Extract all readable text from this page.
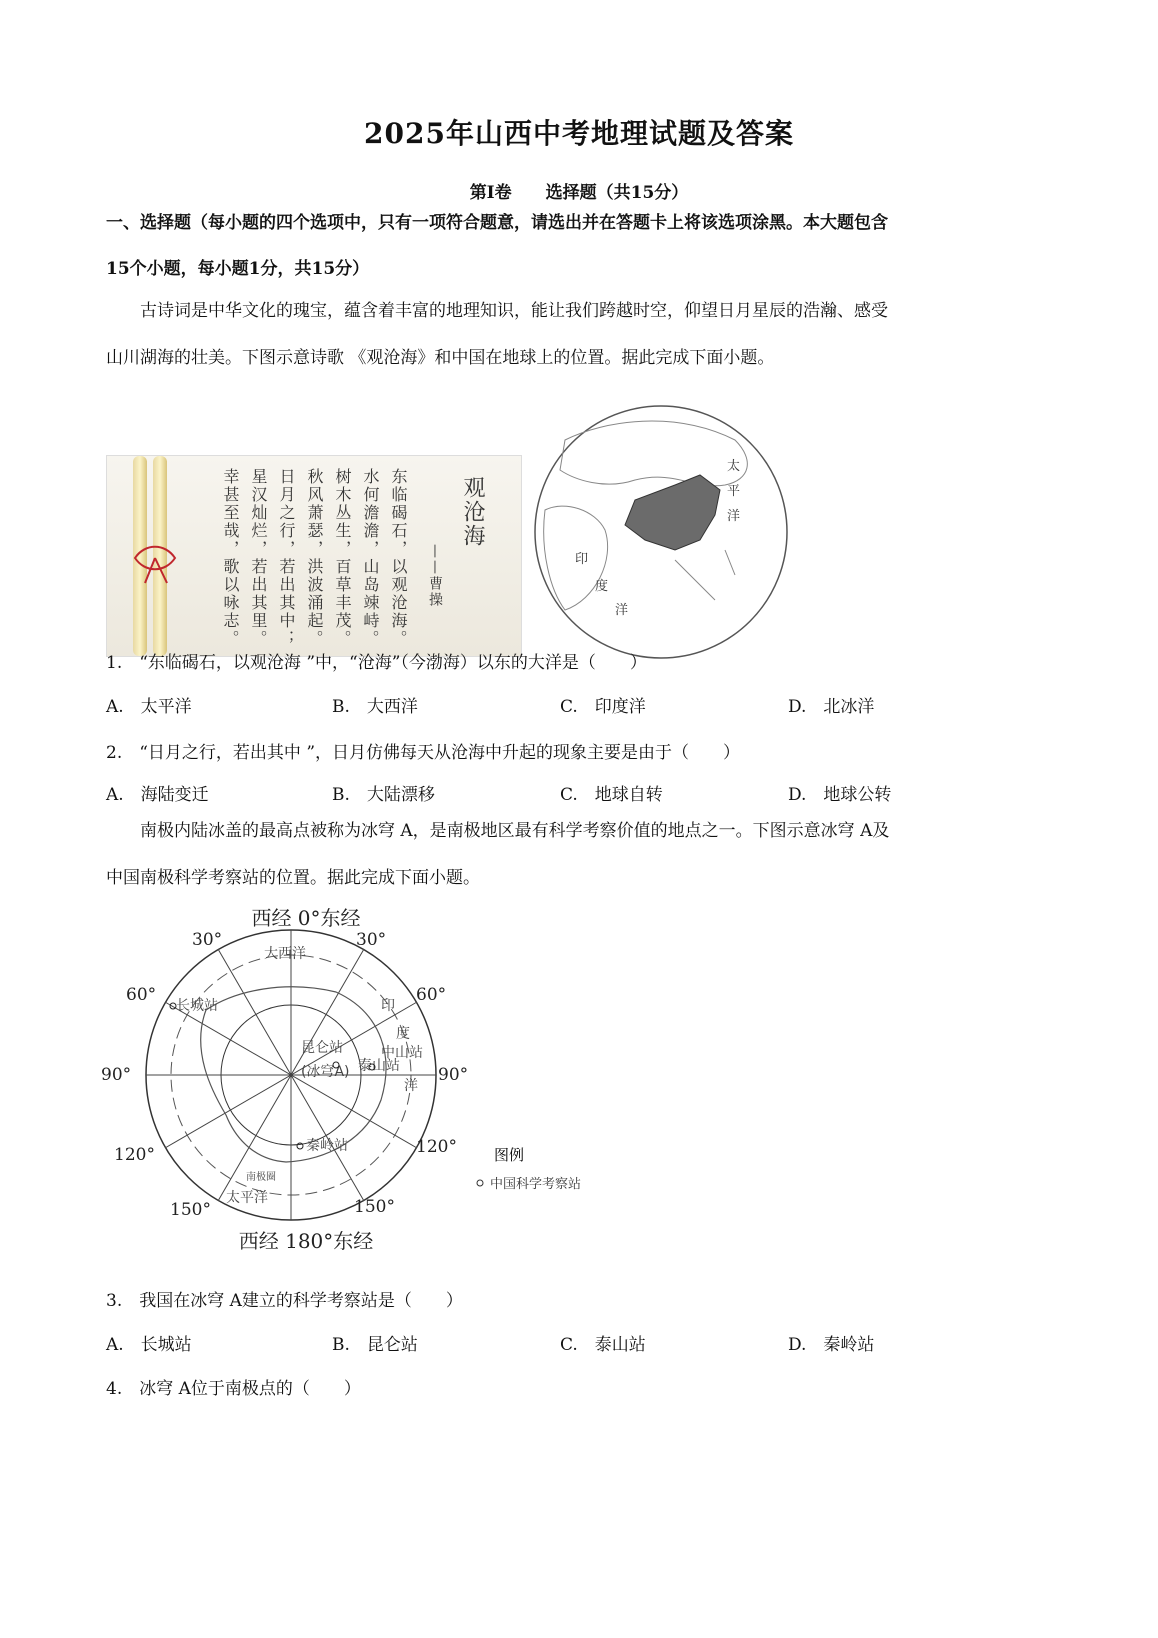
2025年山西中考地理试题及答案
第Ⅰ卷　　选择题（共15分）
一、选择题（每小题的四个选项中，只有一项符合题意，请选出并在答题卡上将该选项涂黑。本大题包含
15个小题，每小题1分，共15分）
古诗词是中华文化的瑰宝，蕴含着丰富的地理知识，能让我们跨越时空，仰望日月星辰的浩瀚、感受
山川湖海的壮美。下图示意诗歌 《观沧海》和中国在地球上的位置。据此完成下面小题。
幸甚至哉，歌以咏志。 星汉灿烂，若出其里。 日月之行，若出其中； 秋风萧瑟，洪波涌起。 树木丛生，百草丰茂。 水何澹澹，山岛竦峙。 东临碣石，以观沧海。 ——曹操
观沧海
太
平
洋
印
度
洋
1.　“东临碣石，以观沧海 ”中，“沧海”（今渤海）以东的大洋是（　　）
A.　太平洋	B.　大西洋	C.　印度洋	D.　北冰洋
2.　“日月之行，若出其中 ”，日月仿佛每天从沧海中升起的现象主要是由于（　　）
A.　海陆变迁	B.　大陆漂移	C.　地球自转	D.　地球公转
南极内陆冰盖的最高点被称为冰穹 A，是南极地区最有科学考察价值的地点之一。下图示意冰穹 A及
中国南极科学考察站的位置。据此完成下面小题。
西经 0°东经
西经 180°东经
30°	30°
60°	60°
90°	90°
120°	120°
150°	150°
大西洋
印
度
洋
太平洋
南极圈
长城站
昆仑站
(冰穹A)
中山站
泰山站
秦岭站	图例
中国科学考察站
3.　我国在冰穹 A建立的科学考察站是（　　）
A.　长城站	B.　昆仑站	C.　泰山站	D.　秦岭站
4.　冰穹 A位于南极点的（　　）
